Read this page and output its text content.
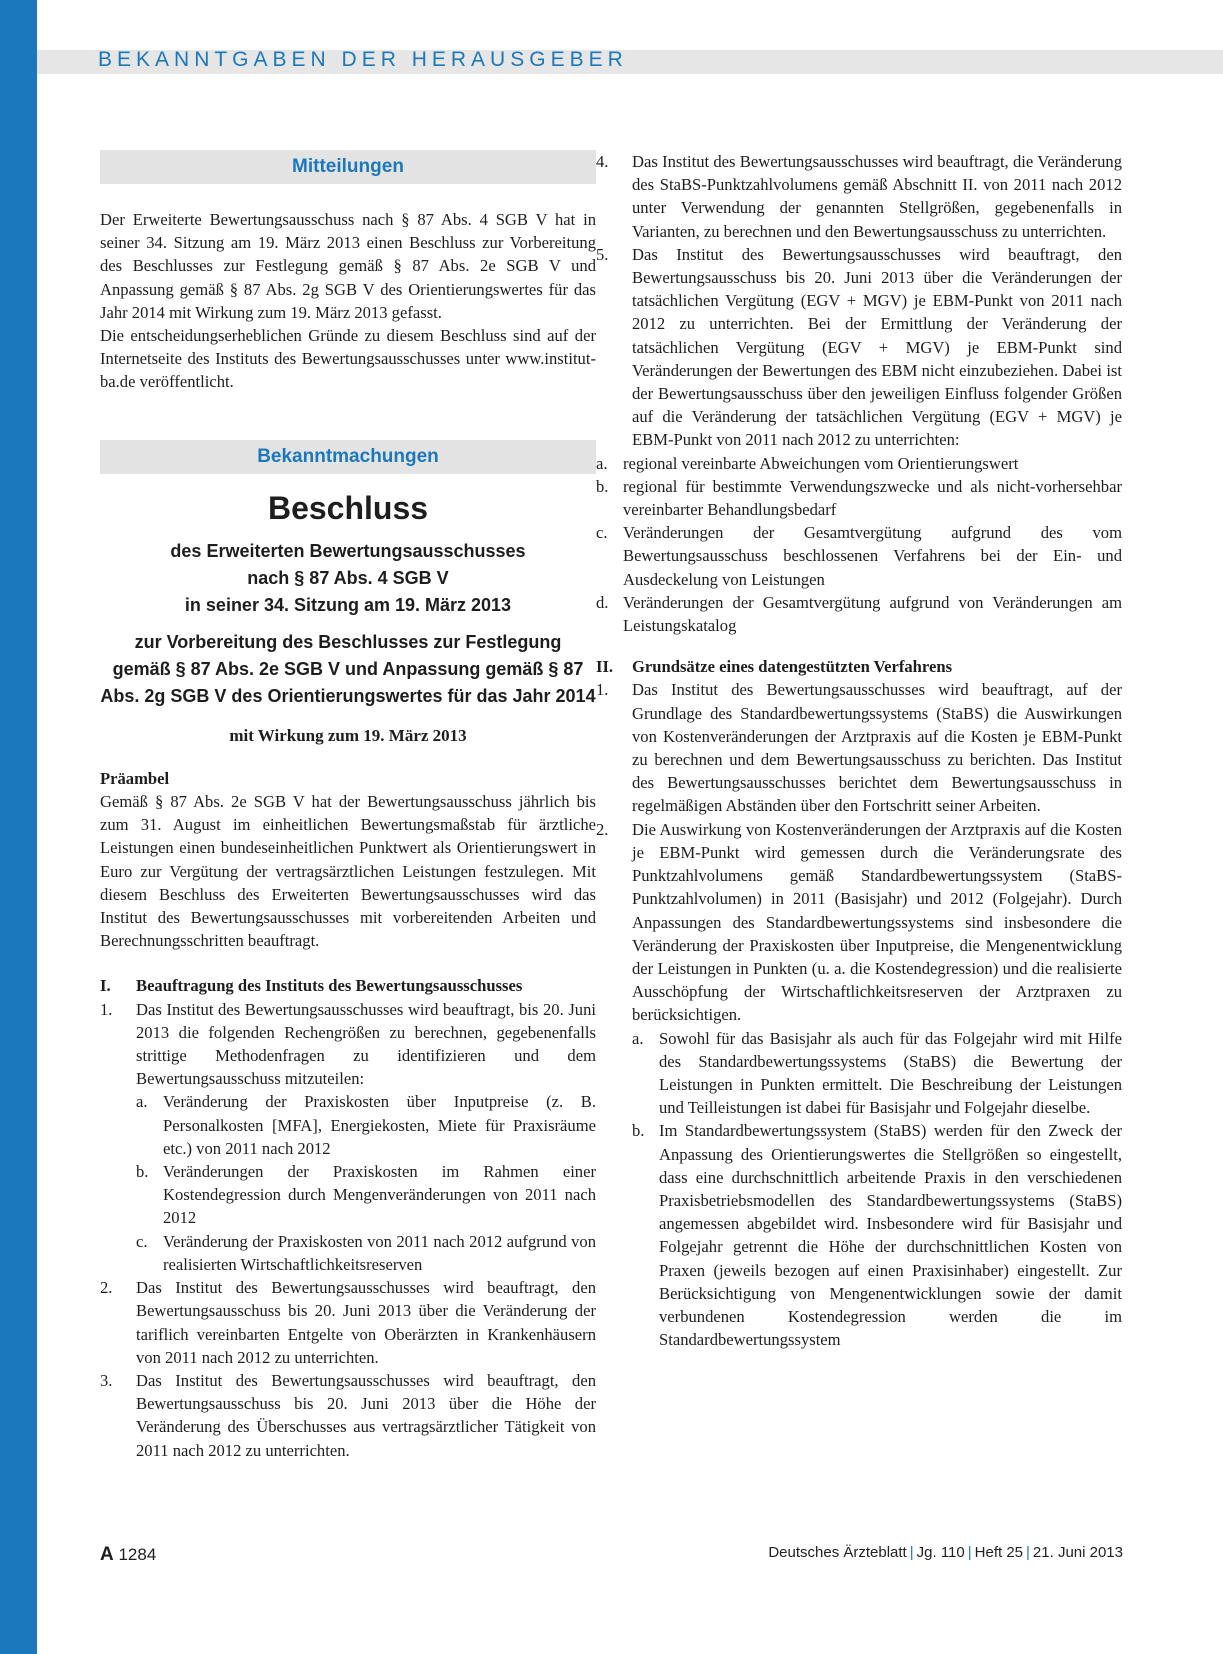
BEKANNTGABEN DER HERAUSGEBER
Mitteilungen

Der Erweiterte Bewertungsausschuss nach § 87 Abs. 4 SGB V hat in seiner 34. Sitzung am 19. März 2013 einen Beschluss zur Vorbereitung des Beschlusses zur Festlegung gemäß § 87 Abs. 2e SGB V und Anpassung gemäß § 87 Abs. 2g SGB V des Orientierungswertes für das Jahr 2014 mit Wirkung zum 19. März 2013 gefasst.

Die entscheidungserheblichen Gründe zu diesem Beschluss sind auf der Internetseite des Instituts des Bewertungsausschusses unter www.institut-ba.de veröffentlicht.

Bekanntmachungen
Beschluss
des Erweiterten Bewertungsausschusses
nach § 87 Abs. 4 SGB V
in seiner 34. Sitzung am 19. März 2013
zur Vorbereitung des Beschlusses zur Festlegung
gemäß § 87 Abs. 2e SGB V und Anpassung gemäß § 87
Abs. 2g SGB V des Orientierungswertes für das Jahr 2014
mit Wirkung zum 19. März 2013
Präambel

Gemäß § 87 Abs. 2e SGB V hat der Bewertungsausschuss jährlich bis zum 31. August im einheitlichen Bewertungsmaßstab für ärztliche Leistungen einen bundeseinheitlichen Punktwert als Orientierungswert in Euro zur Vergütung der vertragsärztlichen Leistungen festzulegen. Mit diesem Beschluss des Erweiterten Bewertungsausschusses wird das Institut des Bewertungsausschusses mit vorbereitenden Arbeiten und Berechnungsschritten beauftragt.

I.	Beauftragung des Instituts des Bewertungsausschusses
1.	Das Institut des Bewertungsausschusses wird beauftragt, bis 20. Juni 2013 die folgenden Rechengrößen zu berechnen, gegebenenfalls strittige Methodenfragen zu identifizieren und dem Bewertungsausschuss mitzuteilen:
a. Veränderung der Praxiskosten über Inputpreise (z. B. Personalkosten [MFA], Energiekosten, Miete für Praxisräume etc.) von 2011 nach 2012
b. Veränderungen der Praxiskosten im Rahmen einer Kostendegression durch Mengenveränderungen von 2011 nach 2012
c. Veränderung der Praxiskosten von 2011 nach 2012 aufgrund von realisierten Wirtschaftlichkeitsreserven
2.	Das Institut des Bewertungsausschusses wird beauftragt, den Bewertungsausschuss bis 20. Juni 2013 über die Veränderung der tariflich vereinbarten Entgelte von Oberärzten in Krankenhäusern von 2011 nach 2012 zu unterrichten.
3.	Das Institut des Bewertungsausschusses wird beauftragt, den Bewertungsausschuss bis 20. Juni 2013 über die Höhe der Veränderung des Überschusses aus vertragsärztlicher Tätigkeit von 2011 nach 2012 zu unterrichten.
4.	Das Institut des Bewertungsausschusses wird beauftragt, die Veränderung des StaBS-Punktzahlvolumens gemäß Abschnitt II. von 2011 nach 2012 unter Verwendung der genannten Stellgrößen, gegebenenfalls in Varianten, zu berechnen und den Bewertungsausschuss zu unterrichten.
5.	Das Institut des Bewertungsausschusses wird beauftragt, den Bewertungsausschuss bis 20. Juni 2013 über die Veränderungen der tatsächlichen Vergütung (EGV + MGV) je EBM-Punkt von 2011 nach 2012 zu unterrichten. Bei der Ermittlung der Veränderung der tatsächlichen Vergütung (EGV + MGV) je EBM-Punkt sind Veränderungen der Bewertungen des EBM nicht einzubeziehen. Dabei ist der Bewertungsausschuss über den jeweiligen Einfluss folgender Größen auf die Veränderung der tatsächlichen Vergütung (EGV + MGV) je EBM-Punkt von 2011 nach 2012 zu unterrichten:
a. regional vereinbarte Abweichungen vom Orientierungswert
b. regional für bestimmte Verwendungszwecke und als nicht-vorhersehbar vereinbarter Behandlungsbedarf
c. Veränderungen der Gesamtvergütung aufgrund des vom Bewertungsausschuss beschlossenen Verfahrens bei der Ein- und Ausdeckelung von Leistungen
d. Veränderungen der Gesamtvergütung aufgrund von Veränderungen am Leistungskatalog
II.	Grundsätze eines datengestützten Verfahrens
1.	Das Institut des Bewertungsausschusses wird beauftragt, auf der Grundlage des Standardbewertungssystems (StaBS) die Auswirkungen von Kostenveränderungen der Arztpraxis auf die Kosten je EBM-Punkt zu berechnen und dem Bewertungsausschuss zu berichten. Das Institut des Bewertungsausschusses berichtet dem Bewertungsausschuss in regelmäßigen Abständen über den Fortschritt seiner Arbeiten.
2.	Die Auswirkung von Kostenveränderungen der Arztpraxis auf die Kosten je EBM-Punkt wird gemessen durch die Veränderungsrate des Punktzahlvolumens gemäß Standardbewertungssystem (StaBS-Punktzahlvolumen) in 2011 (Basisjahr) und 2012 (Folgejahr). Durch Anpassungen des Standardbewertungssystems sind insbesondere die Veränderung der Praxiskosten über Inputpreise, die Mengenentwicklung der Leistungen in Punkten (u. a. die Kostendegression) und die realisierte Ausschöpfung der Wirtschaftlichkeitsreserven der Arztpraxen zu berücksichtigen.
a. Sowohl für das Basisjahr als auch für das Folgejahr wird mit Hilfe des Standardbewertungssystems (StaBS) die Bewertung der Leistungen in Punkten ermittelt. Die Beschreibung der Leistungen und Teilleistungen ist dabei für Basisjahr und Folgejahr dieselbe.
b. Im Standardbewertungssystem (StaBS) werden für den Zweck der Anpassung des Orientierungswertes die Stellgrößen so eingestellt, dass eine durchschnittlich arbeitende Praxis in den verschiedenen Praxisbetriebsmodellen des Standardbewertungssystems (StaBS) angemessen abgebildet wird. Insbesondere wird für Basisjahr und Folgejahr getrennt die Höhe der durchschnittlichen Kosten von Praxen (jeweils bezogen auf einen Praxisinhaber) eingestellt. Zur Berücksichtigung von Mengenentwicklungen sowie der damit verbundenen Kostendegression werden die im Standardbewertungssystem
A 1284	Deutsches Ärzteblatt | Jg. 110 | Heft 25 | 21. Juni 2013
